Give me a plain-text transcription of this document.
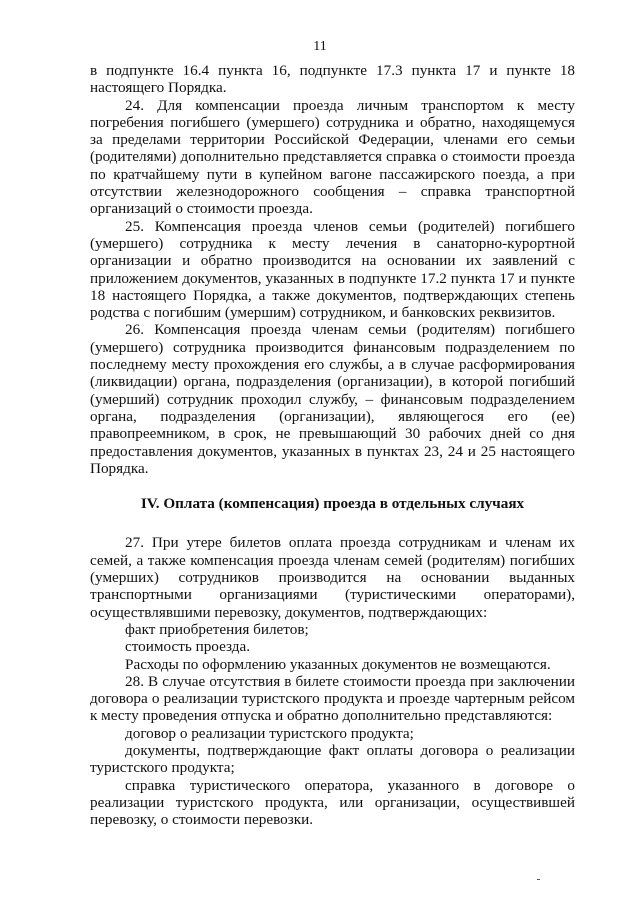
11

в подпункте 16.4 пункта 16, подпункте 17.3 пункта 17 и пункте 18 настоящего Порядка.

24. Для компенсации проезда личным транспортом к месту погребения погибшего (умершего) сотрудника и обратно, находящемуся за пределами территории Российской Федерации, членами его семьи (родителями) дополнительно представляется справка о стоимости проезда по кратчайшему пути в купейном вагоне пассажирского поезда, а при отсутствии железнодорожного сообщения – справка транспортной организаций о стоимости проезда.

25. Компенсация проезда членов семьи (родителей) погибшего (умершего) сотрудника к месту лечения в санаторно-курортной организации и обратно производится на основании их заявлений с приложением документов, указанных в подпункте 17.2 пункта 17 и пункте 18 настоящего Порядка, а также документов, подтверждающих степень родства с погибшим (умершим) сотрудником, и банковских реквизитов.

26. Компенсация проезда членам семьи (родителям) погибшего (умершего) сотрудника производится финансовым подразделением по последнему месту прохождения его службы, а в случае расформирования (ликвидации) органа, подразделения (организации), в которой погибший (умерший) сотрудник проходил службу, – финансовым подразделением органа, подразделения (организации), являющегося его (ее) правопреемником, в срок, не превышающий 30 рабочих дней со дня предоставления документов, указанных в пунктах 23, 24 и 25 настоящего Порядка.

IV. Оплата (компенсация) проезда в отдельных случаях

27. При утере билетов оплата проезда сотрудникам и членам их семей, а также компенсация проезда членам семей (родителям) погибших (умерших) сотрудников производится на основании выданных транспортными организациями (туристическими операторами), осуществлявшими перевозку, документов, подтверждающих:

факт приобретения билетов;

стоимость проезда.

Расходы по оформлению указанных документов не возмещаются.

28. В случае отсутствия в билете стоимости проезда при заключении договора о реализации туристского продукта и проезде чартерным рейсом к месту проведения отпуска и обратно дополнительно представляются:

договор о реализации туристского продукта;

документы, подтверждающие факт оплаты договора о реализации туристского продукта;

справка туристического оператора, указанного в договоре о реализации туристского продукта, или организации, осуществившей перевозку, о стоимости перевозки.
